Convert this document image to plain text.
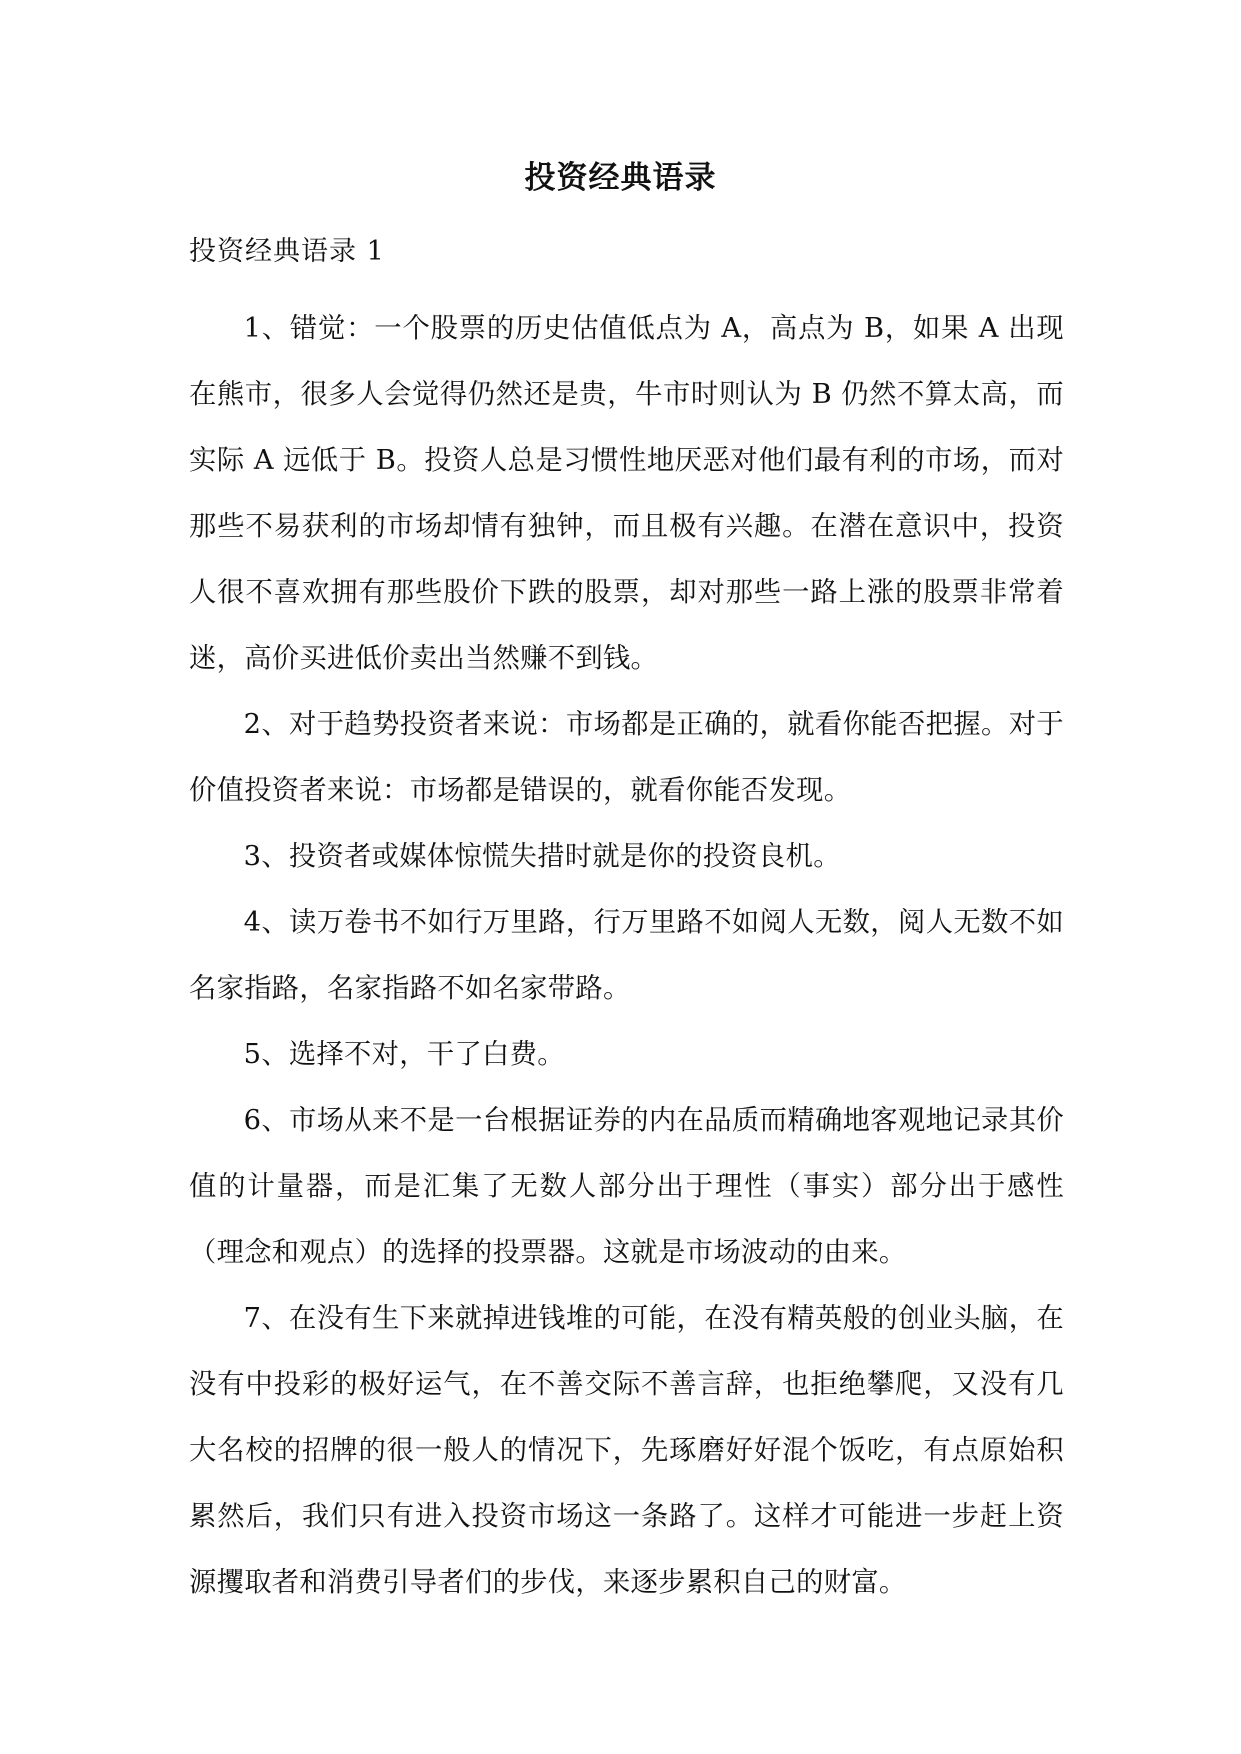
投资经典语录
投资经典语录 1

1、错觉：一个股票的历史估值低点为 A，高点为 B，如果 A 出现在熊市，很多人会觉得仍然还是贵，牛市时则认为 B 仍然不算太高，而实际 A 远低于 B。投资人总是习惯性地厌恶对他们最有利的市场，而对那些不易获利的市场却情有独钟，而且极有兴趣。在潜在意识中，投资人很不喜欢拥有那些股价下跌的股票，却对那些一路上涨的股票非常着迷，高价买进低价卖出当然赚不到钱。

2、对于趋势投资者来说：市场都是正确的，就看你能否把握。对于价值投资者来说：市场都是错误的，就看你能否发现。

3、投资者或媒体惊慌失措时就是你的投资良机。

4、读万卷书不如行万里路，行万里路不如阅人无数，阅人无数不如名家指路，名家指路不如名家带路。

5、选择不对，干了白费。

6、市场从来不是一台根据证券的内在品质而精确地客观地记录其价值的计量器，而是汇集了无数人部分出于理性（事实）部分出于感性（理念和观点）的选择的投票器。这就是市场波动的由来。

7、在没有生下来就掉进钱堆的可能，在没有精英般的创业头脑，在没有中投彩的极好运气，在不善交际不善言辞，也拒绝攀爬，又没有几大名校的招牌的很一般人的情况下，先琢磨好好混个饭吃，有点原始积累然后，我们只有进入投资市场这一条路了。这样才可能进一步赶上资源攫取者和消费引导者们的步伐，来逐步累积自己的财富。
